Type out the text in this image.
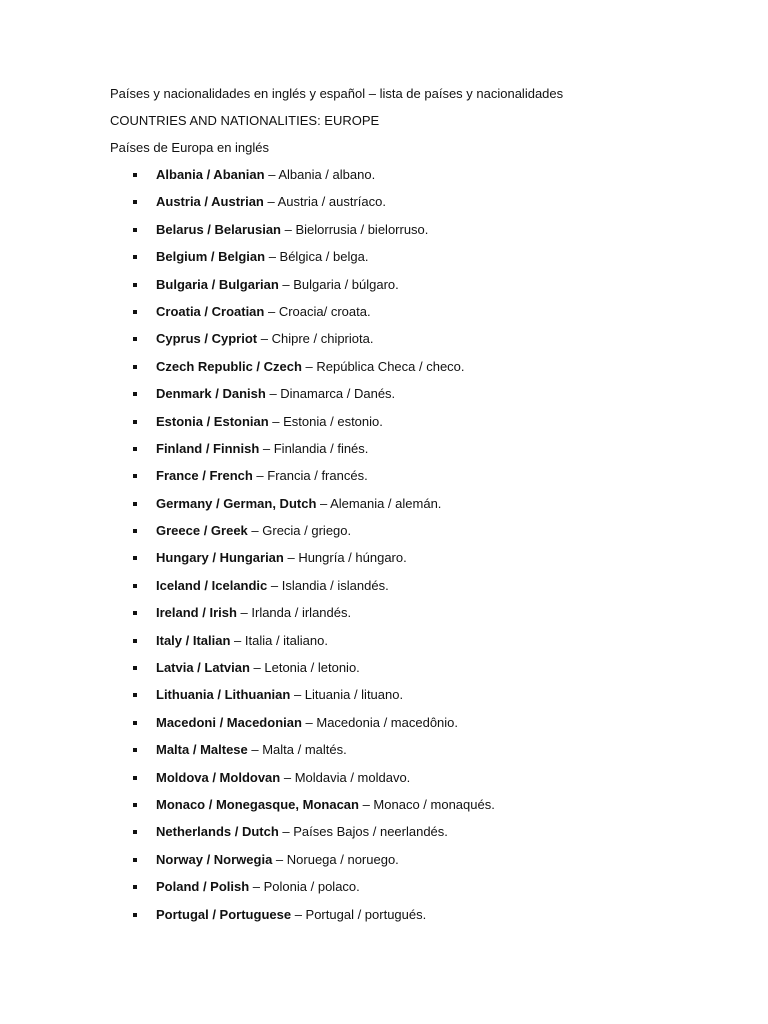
Países y nacionalidades en inglés y español – lista de países y nacionalidades

COUNTRIES AND NATIONALITIES: EUROPE

Países de Europa en inglés

Albania / Abanian – Albania / albano.
Austria / Austrian – Austria / austríaco.
Belarus / Belarusian – Bielorrusia / bielorruso.
Belgium / Belgian – Bélgica / belga.
Bulgaria / Bulgarian – Bulgaria / búlgaro.
Croatia / Croatian – Croacia/ croata.
Cyprus / Cypriot – Chipre / chipriota.
Czech Republic / Czech – República Checa / checo.
Denmark / Danish – Dinamarca / Danés.
Estonia / Estonian – Estonia / estonio.
Finland / Finnish – Finlandia / finés.
France / French – Francia / francés.
Germany / German, Dutch – Alemania / alemán.
Greece / Greek – Grecia / griego.
Hungary / Hungarian – Hungría / húngaro.
Iceland / Icelandic – Islandia / islandés.
Ireland / Irish – Irlanda / irlandés.
Italy / Italian – Italia / italiano.
Latvia / Latvian – Letonia / letonio.
Lithuania / Lithuanian – Lituania / lituano.
Macedoni / Macedonian – Macedonia / macedônio.
Malta / Maltese – Malta / maltés.
Moldova / Moldovan – Moldavia / moldavo.
Monaco / Monegasque, Monacan – Monaco / monaqués.
Netherlands / Dutch – Países Bajos / neerlandés.
Norway / Norwegia – Noruega / noruego.
Poland / Polish – Polonia / polaco.
Portugal / Portuguese – Portugal / portugués.
